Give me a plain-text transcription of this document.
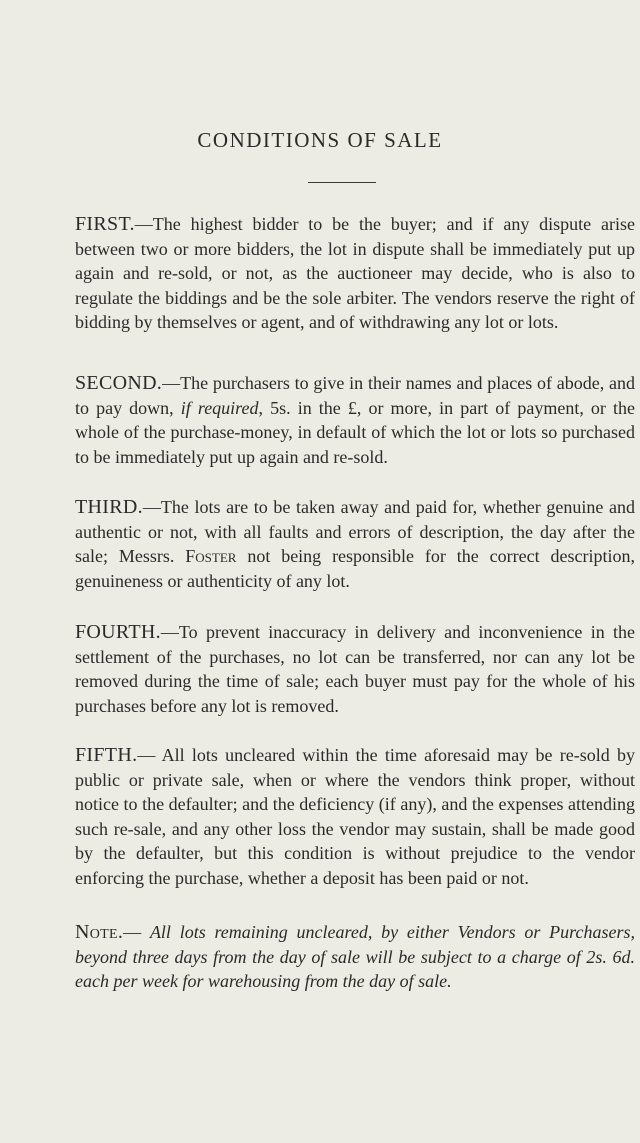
CONDITIONS OF SALE
FIRST.—The highest bidder to be the buyer; and if any dispute arise between two or more bidders, the lot in dispute shall be immediately put up again and re-sold, or not, as the auctioneer may decide, who is also to regulate the biddings and be the sole arbiter. The vendors reserve the right of bidding by themselves or agent, and of withdrawing any lot or lots.
SECOND.—The purchasers to give in their names and places of abode, and to pay down, if required, 5s. in the £, or more, in part of payment, or the whole of the purchase-money, in default of which the lot or lots so purchased to be immediately put up again and re-sold.
THIRD.—The lots are to be taken away and paid for, whether genuine and authentic or not, with all faults and errors of description, the day after the sale; Messrs. Foster not being responsible for the correct description, genuineness or authenticity of any lot.
FOURTH.—To prevent inaccuracy in delivery and inconvenience in the settlement of the purchases, no lot can be transferred, nor can any lot be removed during the time of sale; each buyer must pay for the whole of his purchases before any lot is removed.
FIFTH.— All lots uncleared within the time aforesaid may be re-sold by public or private sale, when or where the vendors think proper, without notice to the defaulter; and the deficiency (if any), and the expenses attending such re-sale, and any other loss the vendor may sustain, shall be made good by the defaulter, but this condition is without prejudice to the vendor enforcing the purchase, whether a deposit has been paid or not.
Note.— All lots remaining uncleared, by either Vendors or Purchasers, beyond three days from the day of sale will be subject to a charge of 2s. 6d. each per week for warehousing from the day of sale.
